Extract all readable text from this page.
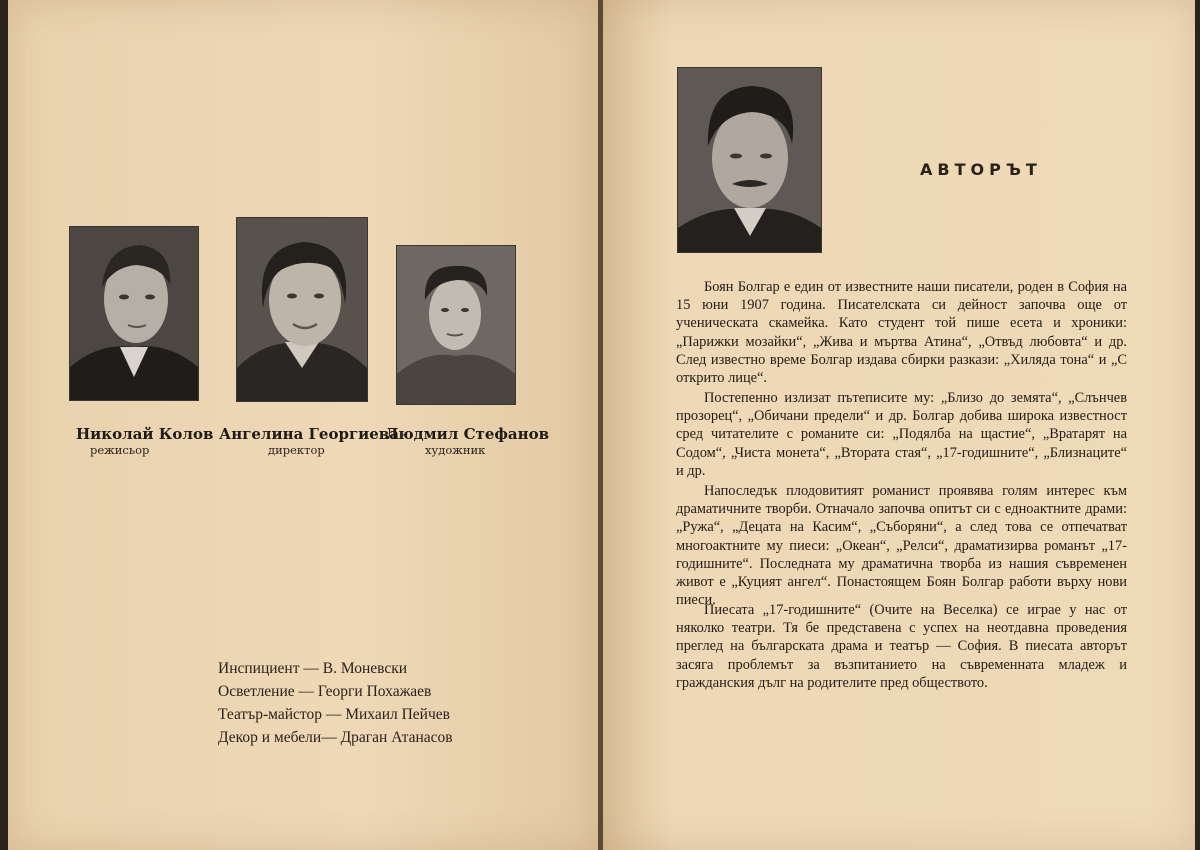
Николай Колов
режисьор
Ангелина Георгиева
директор
Людмил Стефанов
художник
Инспициент — В. Моневски
Осветление — Георги Похажаев
Театър-майстор — Михаил Пейчев
Декор и мебели— Драган Атанасов
АВТОРЪТ

Боян Болгар е един от известните наши писатели, роден в София на 15 юни 1907 година. Писателската си дейност започва още от ученическата скамейка. Като студент той пише есета и хроники: „Парижки мозайки“, „Жива и мъртва Атина“, „Отвъд любовта“ и др. След известно време Болгар издава сбирки разкази: „Хиляда тона“ и „С открито лице“.

Постепенно излизат пътеписите му: „Близо до земята“, „Слънчев прозорец“, „Обичани предели“ и др. Болгар добива широка известност сред читателите с романите си: „Подялба на щастие“, „Вратарят на Содом“, „Чиста монета“, „Втората стая“, „17-годишните“, „Близнаците“ и др.

Напоследък плодовитият романист проявява голям интерес към драматичните творби. Отначало започва опитът си с едноактните драми: „Ружа“, „Децата на Касим“, „Съборяни“, а след това се отпечатват многоактните му пиеси: „Океан“, „Релси“, драматизирва романът „17-годишните“. Последната му драматична творба из нашия съвременен живот е „Куцият ангел“. Понастоящем Боян Болгар работи върху нови пиеси.

Пиесата „17-годишните“ (Очите на Веселка) се играе у нас от няколко театри. Тя бе представена с успех на неотдавна проведения преглед на българската драма и театър — София. В пиесата авторът засяга проблемът за възпитанието на съвременната младеж и гражданския дълг на родителите пред обществото.
